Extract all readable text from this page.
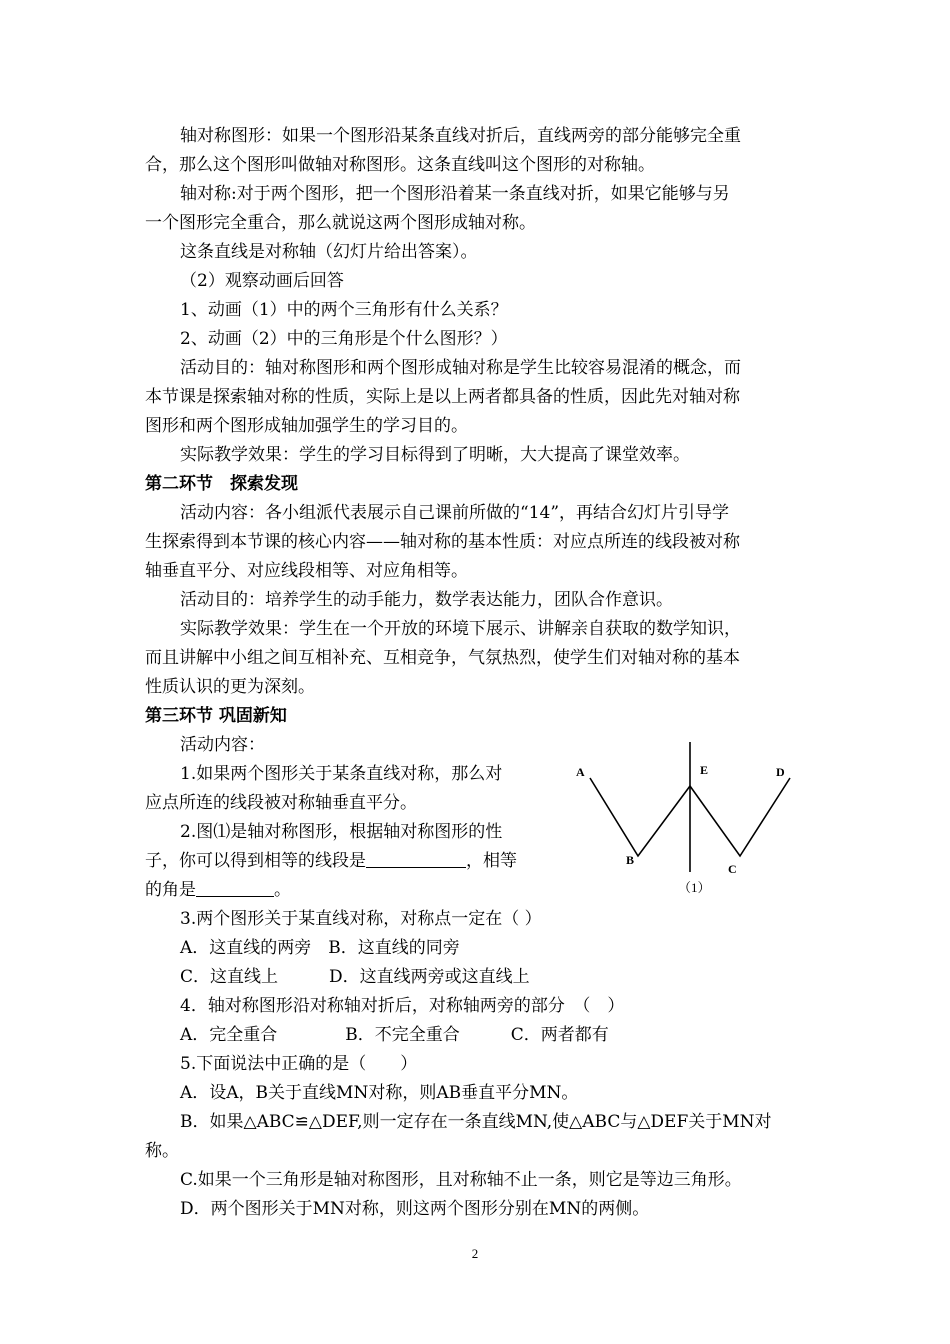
轴对称图形：如果一个图形沿某条直线对折后，直线两旁的部分能够完全重
合，那么这个图形叫做轴对称图形。这条直线叫这个图形的对称轴。
轴对称:对于两个图形，把一个图形沿着某一条直线对折，如果它能够与另
一个图形完全重合，那么就说这两个图形成轴对称。
这条直线是对称轴（幻灯片给出答案）。
（2）观察动画后回答
1、动画（1）中的两个三角形有什么关系？
2、动画（2）中的三角形是个什么图形？）
活动目的：轴对称图形和两个图形成轴对称是学生比较容易混淆的概念，而
本节课是探索轴对称的性质，实际上是以上两者都具备的性质，因此先对轴对称
图形和两个图形成轴加强学生的学习目的。
实际教学效果：学生的学习目标得到了明晰，大大提高了课堂效率。
第二环节　探索发现
活动内容：各小组派代表展示自己课前所做的“14”，再结合幻灯片引导学
生探索得到本节课的核心内容——轴对称的基本性质：对应点所连的线段被对称
轴垂直平分、对应线段相等、对应角相等。
活动目的：培养学生的动手能力，数学表达能力，团队合作意识。
实际教学效果：学生在一个开放的环境下展示、讲解亲自获取的数学知识，
而且讲解中小组之间互相补充、互相竞争，气氛热烈，使学生们对轴对称的基本
性质认识的更为深刻。
第三环节 巩固新知
活动内容：
1.如果两个图形关于某条直线对称，那么对
应点所连的线段被对称轴垂直平分。
2.图⑴是轴对称图形，根据轴对称图形的性
子，你可以得到相等的线段是	，相等
的角是	。
A	E	D
B
C
（1）
3.两个图形关于某直线对称，对称点一定在（ ）
A．这直线的两旁　B．这直线的同旁
C．这直线上　　　D．这直线两旁或这直线上
4．轴对称图形沿对称轴对折后，对称轴两旁的部分　（　）
A．完全重合　　　　B．不完全重合　　　C．两者都有
5.下面说法中正确的是（　　）
A．设A，B关于直线MN对称，则AB垂直平分MN。
B．如果△ABC≌△DEF,则一定存在一条直线MN,使△ABC与△DEF关于MN对
称。
C.如果一个三角形是轴对称图形，且对称轴不止一条，则它是等边三角形。
D．两个图形关于MN对称，则这两个图形分别在MN的两侧。
2
